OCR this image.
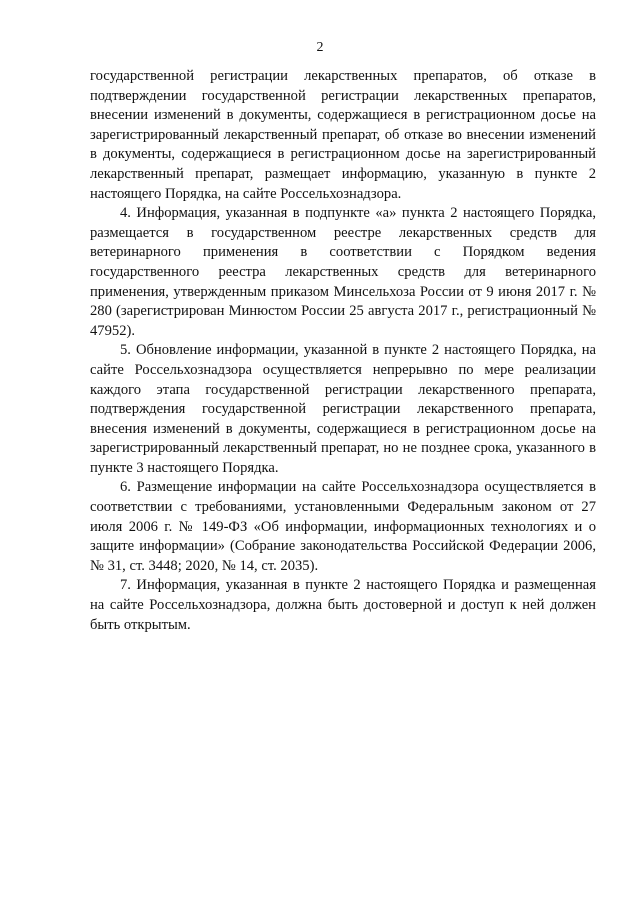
2

государственной регистрации лекарственных препаратов, об отказе в подтверждении государственной регистрации лекарственных препаратов, внесении изменений в документы, содержащиеся в регистрационном досье на зарегистрированный лекарственный препарат, об отказе во внесении изменений в документы, содержащиеся в регистрационном досье на зарегистрированный лекарственный препарат, размещает информацию, указанную в пункте 2 настоящего Порядка, на сайте Россельхознадзора.

4. Информация, указанная в подпункте «а» пункта 2 настоящего Порядка, размещается в государственном реестре лекарственных средств для ветеринарного применения в соответствии с Порядком ведения государственного реестра лекарственных средств для ветеринарного применения, утвержденным приказом Минсельхоза России от 9 июня 2017 г. № 280 (зарегистрирован Минюстом России 25 августа 2017 г., регистрационный № 47952).

5. Обновление информации, указанной в пункте 2 настоящего Порядка, на сайте Россельхознадзора осуществляется непрерывно по мере реализации каждого этапа государственной регистрации лекарственного препарата, подтверждения государственной регистрации лекарственного препарата, внесения изменений в документы, содержащиеся в регистрационном досье на зарегистрированный лекарственный препарат, но не позднее срока, указанного в пункте 3 настоящего Порядка.

6. Размещение информации на сайте Россельхознадзора осуществляется в соответствии с требованиями, установленными Федеральным законом от 27 июля 2006 г. № 149-ФЗ «Об информации, информационных технологиях и о защите информации» (Собрание законодательства Российской Федерации 2006, № 31, ст. 3448; 2020, № 14, ст. 2035).

7. Информация, указанная в пункте 2 настоящего Порядка и размещенная на сайте Россельхознадзора, должна быть достоверной и доступ к ней должен быть открытым.
